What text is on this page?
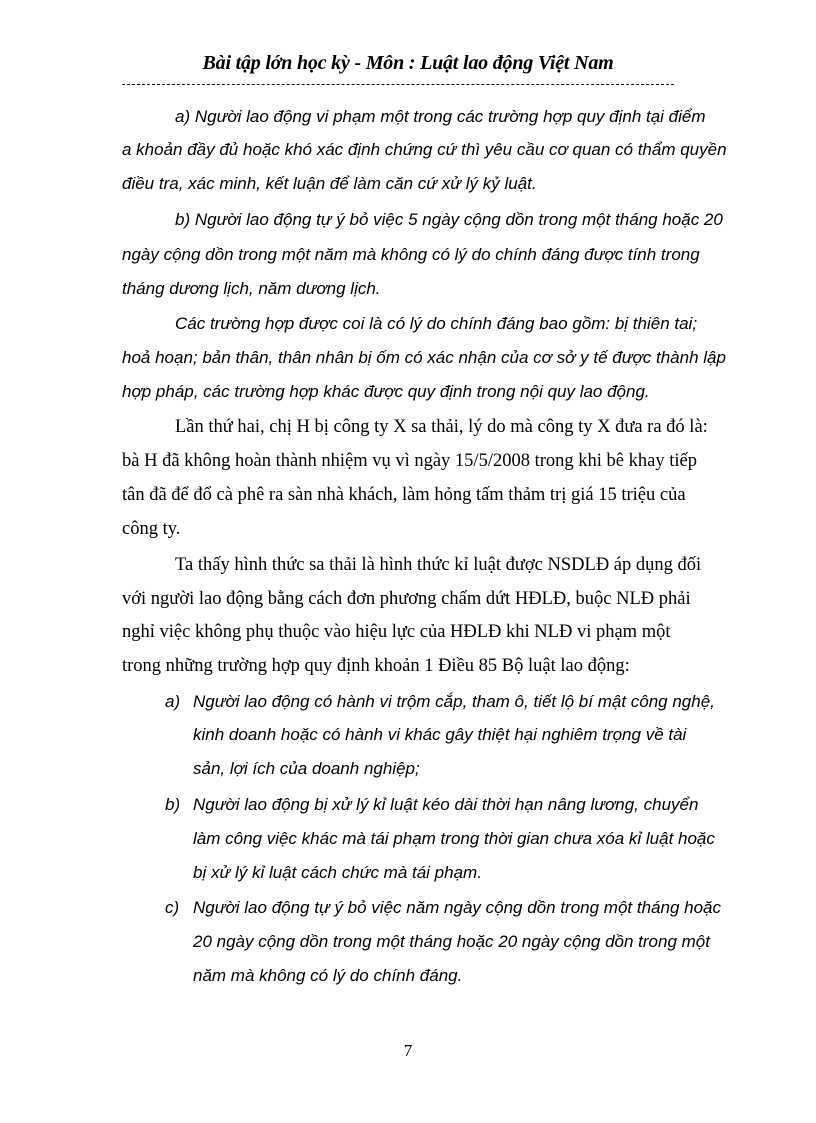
Bài tập lớn học kỳ - Môn : Luật lao động Việt Nam
a) Người lao động vi phạm một trong các trường hợp quy định tại điểm
a khoản đầy đủ hoặc khó xác định chứng cứ thì yêu cầu cơ quan có thẩm quyền
điều tra, xác minh, kết luận để làm căn cứ xử lý kỷ luật.
b) Người lao động tự ý bỏ việc 5 ngày cộng dồn trong một tháng hoặc 20
ngày cộng dồn trong một năm mà không có lý do chính đáng được tính trong
tháng dương lịch, năm dương lịch.
Các trường hợp được coi là có lý do chính đáng bao gồm: bị thiên tai;
hoả hoạn; bản thân, thân nhân bị ốm có xác nhận của cơ sở y tế được thành lập
hợp pháp, các trường hợp khác được quy định trong nội quy lao động.
Lần thứ hai, chị H bị công ty X sa thải, lý do mà công ty X đưa ra đó là:
bà H đã không hoàn thành nhiệm vụ vì ngày 15/5/2008 trong khi bê khay tiếp
tân đã để đổ cà phê ra sàn nhà khách, làm hỏng tấm thảm trị giá 15 triệu của
công ty.
Ta thấy hình thức sa thải là hình thức kỉ luật được NSDLĐ áp dụng đối
với người lao động bằng cách đơn phương chấm dứt HĐLĐ, buộc NLĐ phải
nghỉ việc không phụ thuộc vào hiệu lực của HĐLĐ khi NLĐ vi phạm một
trong những trường hợp quy định khoản 1 Điều 85 Bộ luật lao động:
a) Người lao động có hành vi trộm cắp, tham ô, tiết lộ bí mật công nghệ,
kinh doanh hoặc có hành vi khác gây thiệt hại nghiêm trọng về tài
sản, lợi ích của doanh nghiệp;
b) Người lao động bị xử lý kỉ luật kéo dài thời hạn nâng lương, chuyển
làm công việc khác mà tái phạm trong thời gian chưa xóa kỉ luật hoặc
bị xử lý kỉ luật cách chức mà tái phạm.
c) Người lao động tự ý bỏ việc năm ngày cộng dồn trong một tháng hoặc
20 ngày cộng dồn trong một tháng hoặc 20 ngày cộng dồn trong một
năm mà không có lý do chính đáng.
7
